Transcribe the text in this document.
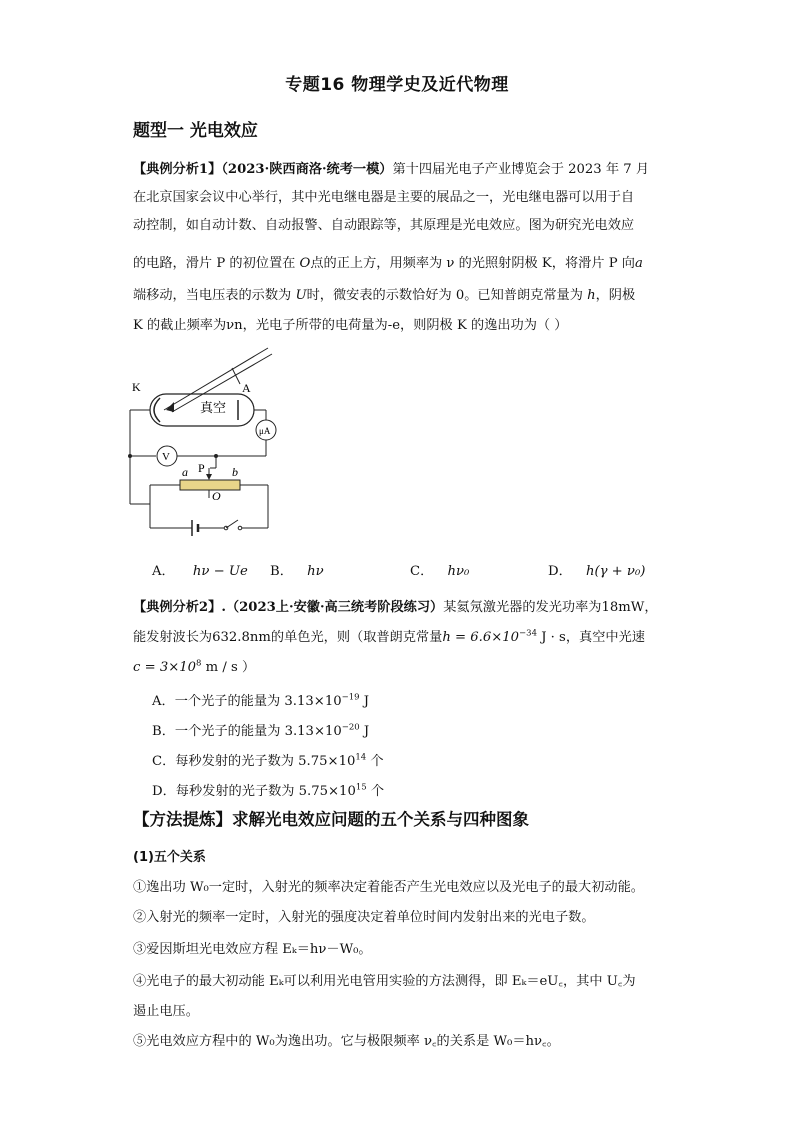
专题16 物理学史及近代物理
题型一 光电效应
【典例分析1】（2023·陕西商洛·统考一模）第十四届光电子产业博览会于 2023 年 7 月
在北京国家会议中心举行，其中光电继电器是主要的展品之一，光电继电器可以用于自
动控制，如自动计数、自动报警、自动跟踪等，其原理是光电效应。图为研究光电效应
的电路，滑片 P 的初位置在 O点的正上方，用频率为 ν 的光照射阴极 K，将滑片 P 向a
端移动，当电压表的示数为 U时，微安表的示数恰好为 0。已知普朗克常量为 h，阴极
K 的截止频率为νn，光电子所带的电荷量为-e，则阴极 K 的逸出功为（ ）
K	A
真空
μA
V
P
a	b
O
A． hν − Ue B． hν	C． hν₀	D． h(γ + ν₀)
【典例分析2】.（2023上·安徽·高三统考阶段练习）某氦氖激光器的发光功率为18mW，
能发射波长为632.8nm的单色光，则（取普朗克常量$h = 6.6\times 10^{-34}$ J · s，真空中光速
$c = 3\times 10^8$ m / s ）
A．一个光子的能量为 $3.13\times 10^{-19}$ J
B．一个光子的能量为 $3.13\times 10^{-20}$ J
C．每秒发射的光子数为 $5.75\times 10^{14}$ 个
D．每秒发射的光子数为 $5.75\times 10^{15}$ 个
【方法提炼】求解光电效应问题的五个关系与四种图象
(1)五个关系
①逸出功 W₀一定时，入射光的频率决定着能否产生光电效应以及光电子的最大初动能。
②入射光的频率一定时，入射光的强度决定着单位时间内发射出来的光电子数。
③爱因斯坦光电效应方程 Eₖ＝hν－W₀。
④光电子的最大初动能 Eₖ可以利用光电管用实验的方法测得，即 Eₖ＝eU꜀，其中 U꜀为
遏止电压。
⑤光电效应方程中的 W₀为逸出功。它与极限频率 ν꜀的关系是 W₀＝hν꜀。
